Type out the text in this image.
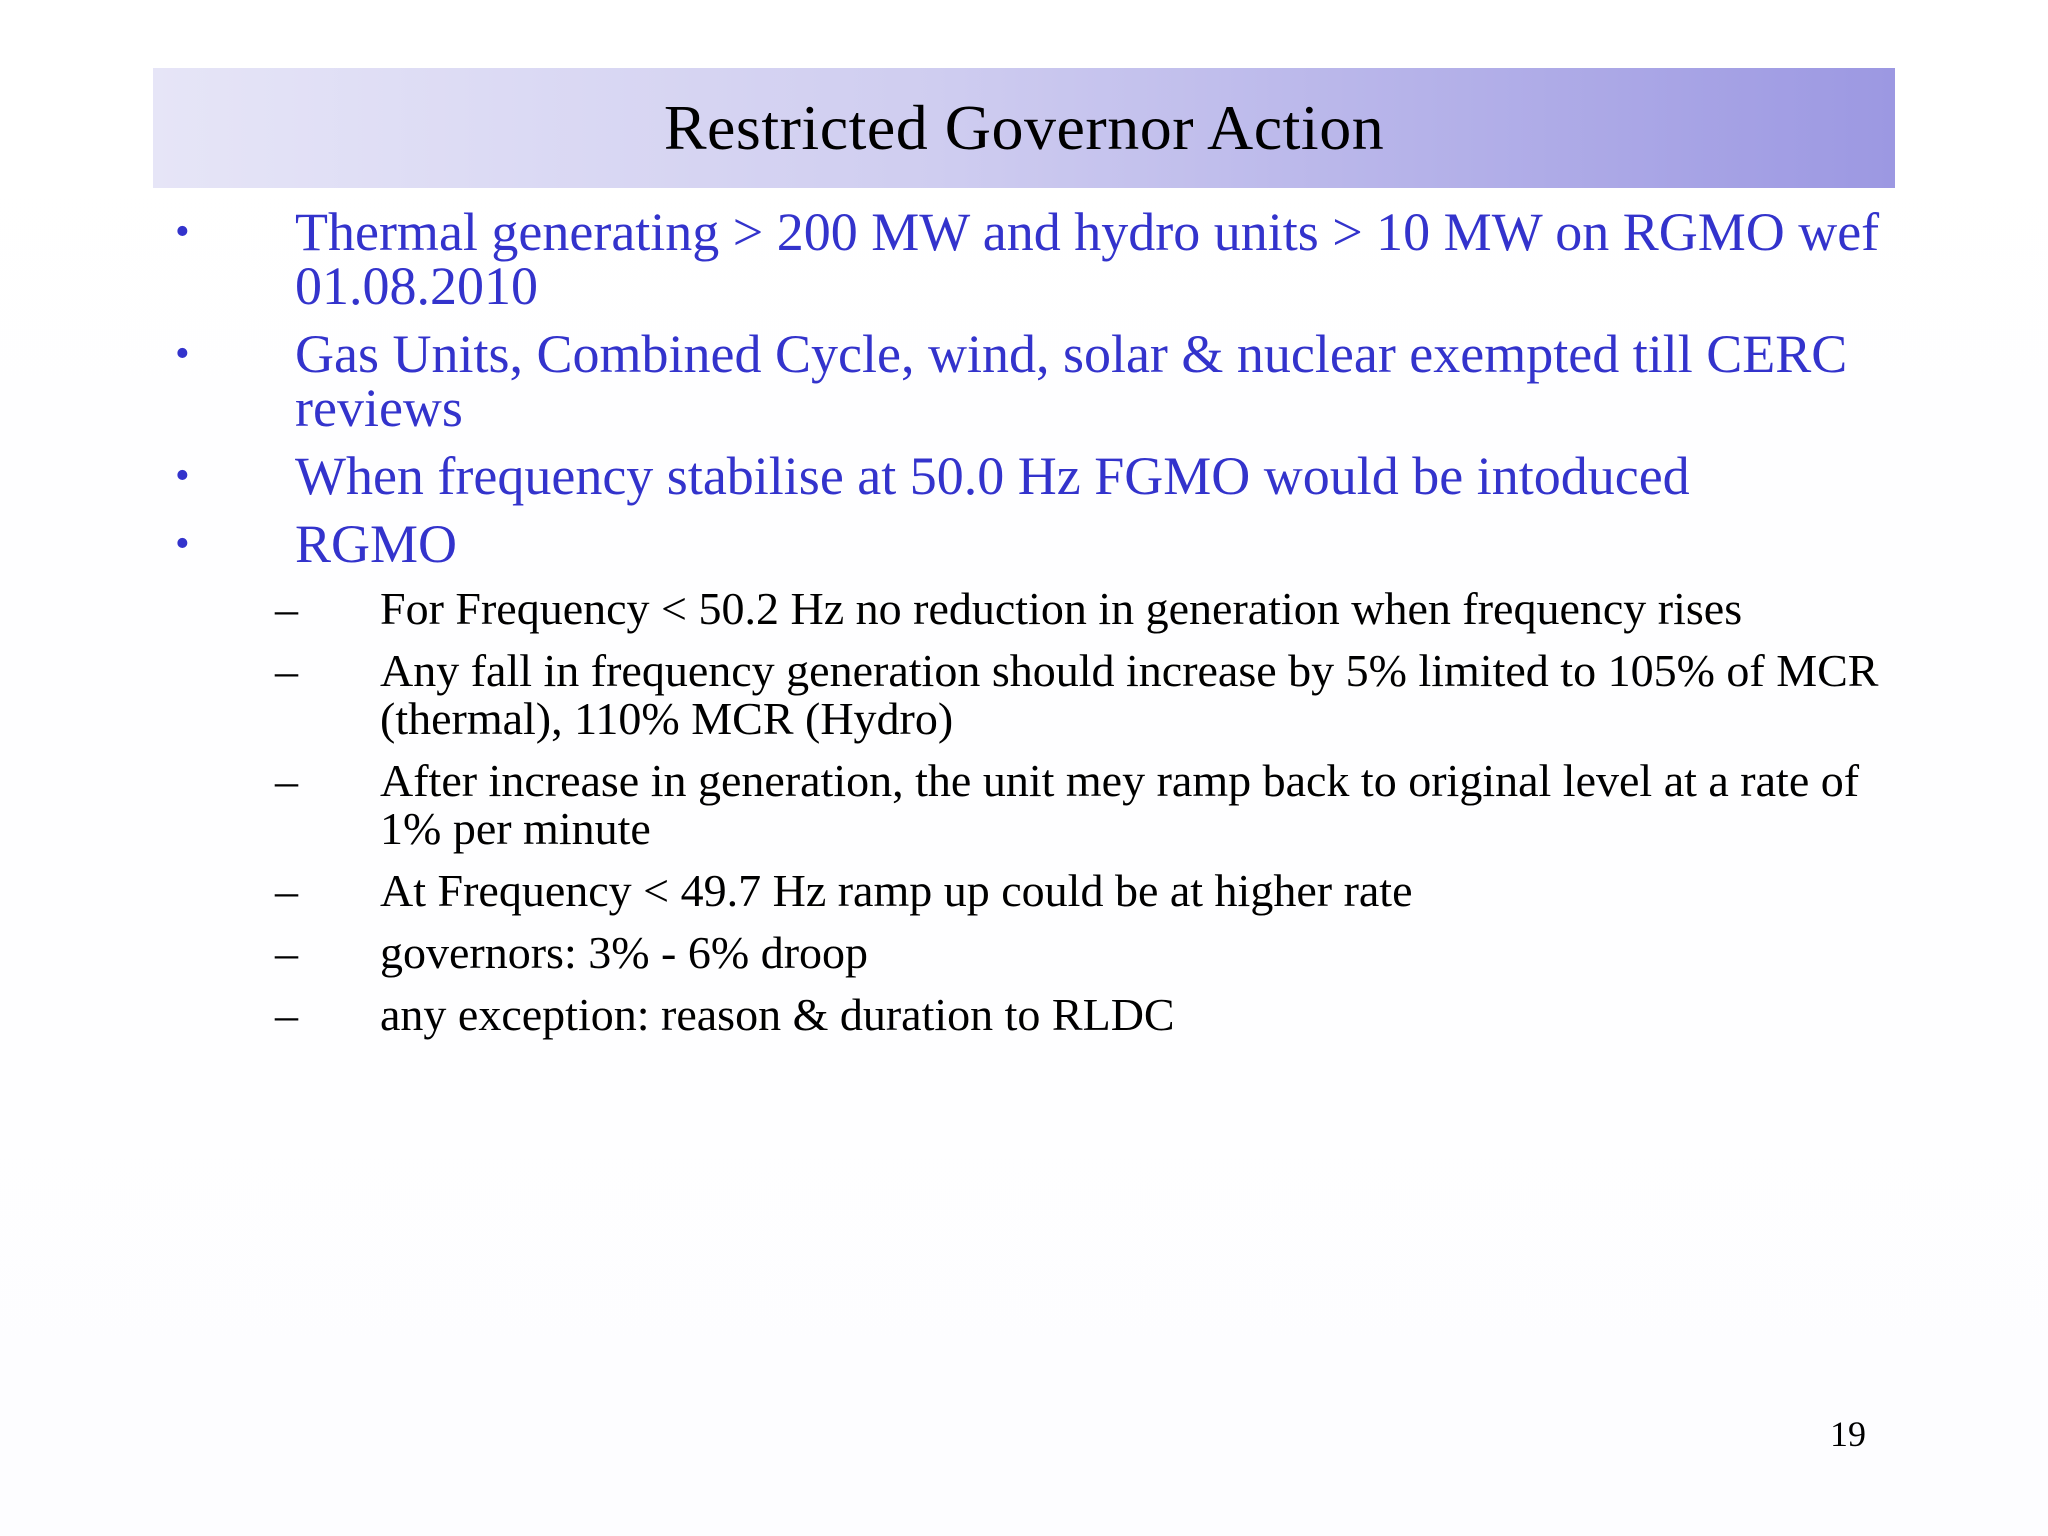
Restricted Governor Action
• Thermal generating > 200 MW and hydro units > 10 MW on RGMO wef 01.08.2010
• Gas Units, Combined Cycle, wind, solar & nuclear exempted till CERC reviews
• When frequency stabilise at 50.0 Hz FGMO would be intoduced
• RGMO
– For Frequency < 50.2 Hz no reduction in generation when frequency rises
– Any fall in frequency generation should increase by 5% limited to 105% of MCR (thermal), 110% MCR (Hydro)
– After increase in generation, the unit mey ramp back to original level at a rate of 1% per minute
– At Frequency < 49.7 Hz ramp up could be at higher rate
– governors: 3% - 6% droop
– any exception: reason & duration to RLDC
19
